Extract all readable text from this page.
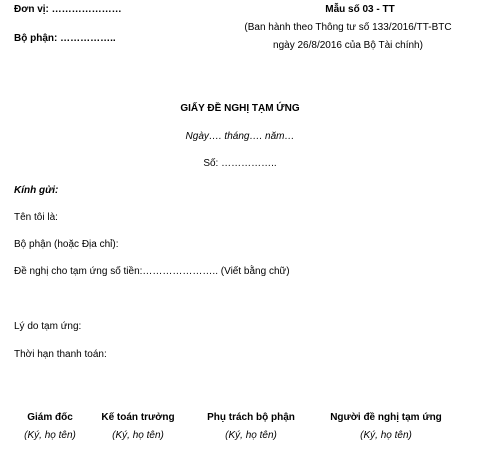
Đơn vị: …………………
Bộ phận: ……………..
Mẫu số 03 - TT
(Ban hành theo Thông tư số 133/2016/TT-BTC
ngày 26/8/2016 của Bộ Tài chính)
GIẤY ĐỀ NGHỊ TẠM ỨNG
Ngày…. tháng…. năm…
Số: ……………..
Kính gửi:
Tên tôi là:
Bộ phận (hoặc Địa chỉ):
Đề nghị cho tạm ứng số tiền:………………….. (Viết bằng chữ)
Lý do tạm ứng:
Thời hạn thanh toán:
Giám đốc
(Ký, họ tên)
Kế toán trưởng
(Ký, họ tên)
Phụ trách bộ phận
(Ký, họ tên)
Người đề nghị tạm ứng
(Ký, họ tên)
